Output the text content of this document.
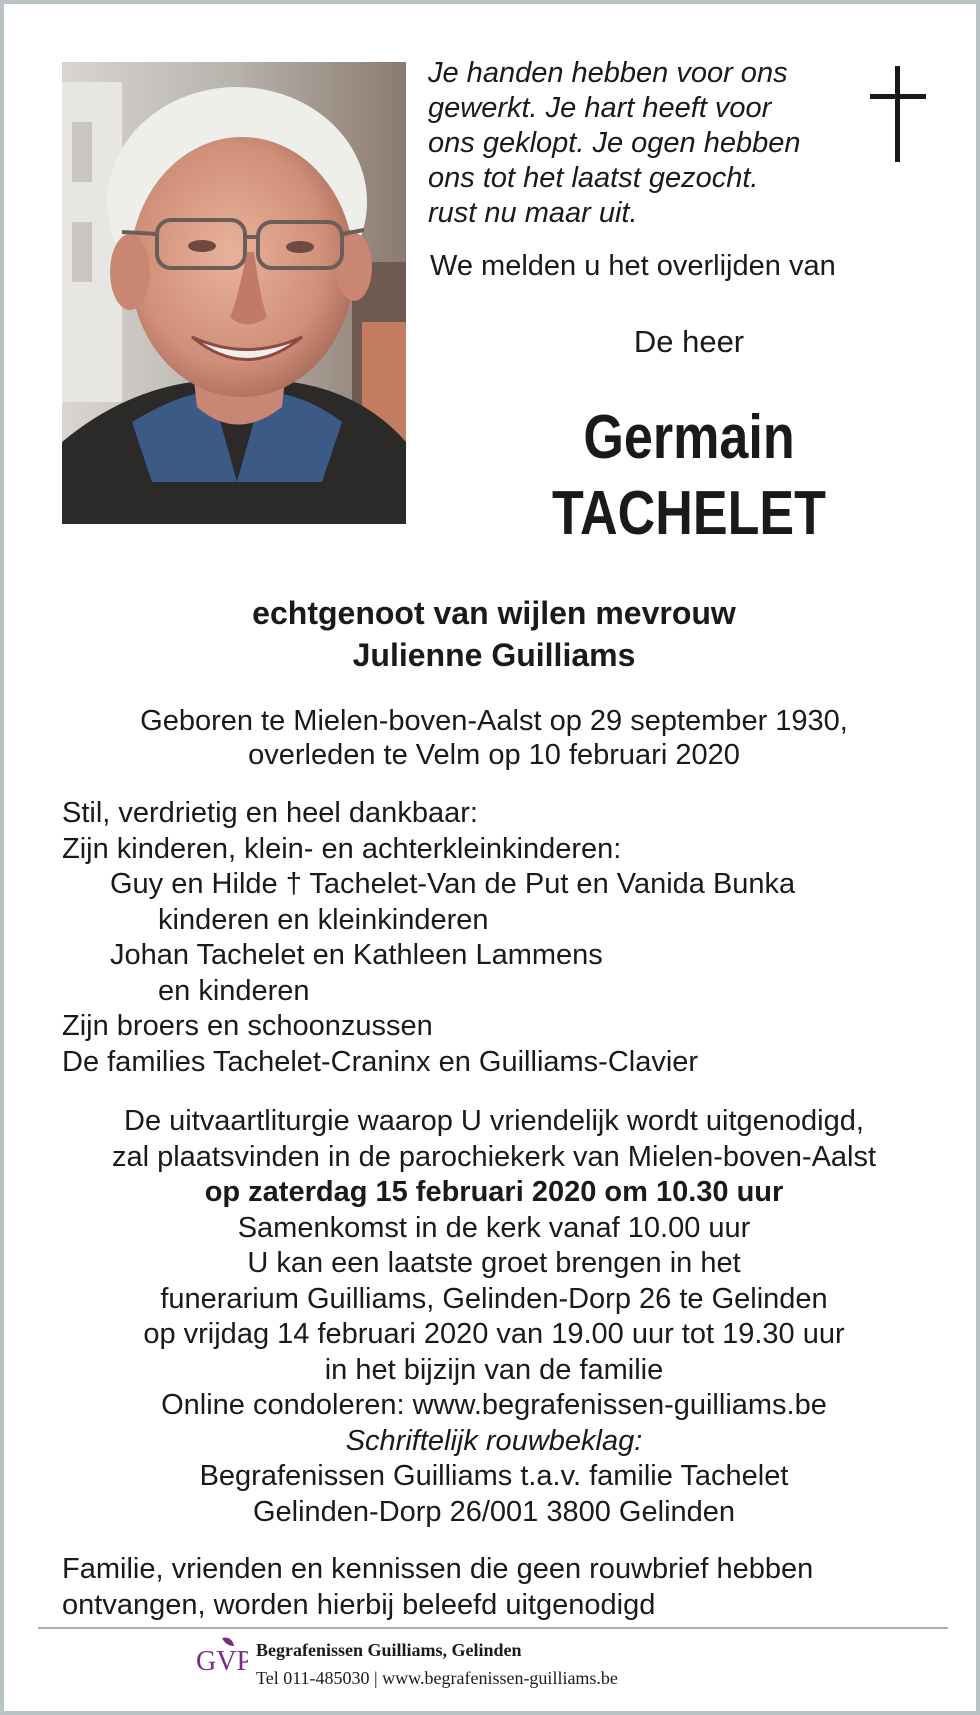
Je handen hebben voor ons
gewerkt. Je hart heeft voor
ons geklopt. Je ogen hebben
ons tot het laatst gezocht.
rust nu maar uit.
We melden u het overlijden van
De heer
Germain
TACHELET
echtgenoot van wijlen mevrouw
Julienne Guilliams
Geboren te Mielen-boven-Aalst op 29 september 1930,
overleden te Velm op 10 februari 2020
Stil, verdrietig en heel dankbaar:
Zijn kinderen, klein- en achterkleinkinderen:
Guy en Hilde † Tachelet-Van de Put en Vanida Bunka
kinderen en kleinkinderen
Johan Tachelet en Kathleen Lammens
en kinderen
Zijn broers en schoonzussen
De families Tachelet-Craninx en Guilliams-Clavier
De uitvaartliturgie waarop U vriendelijk wordt uitgenodigd,
zal plaatsvinden in de parochiekerk van Mielen-boven-Aalst
op zaterdag 15 februari 2020 om 10.30 uur
Samenkomst in de kerk vanaf 10.00 uur
U kan een laatste groet brengen in het
funerarium Guilliams, Gelinden-Dorp 26 te Gelinden
op vrijdag 14 februari 2020 van 19.00 uur tot 19.30 uur
in het bijzijn van de familie
Online condoleren: www.begrafenissen-guilliams.be
Schriftelijk rouwbeklag:
Begrafenissen Guilliams t.a.v. familie Tachelet
Gelinden-Dorp 26/001 3800 Gelinden
Familie, vrienden en kennissen die geen rouwbrief hebben
ontvangen, worden hierbij beleefd uitgenodigd
GVP Begrafenissen Guilliams, Gelinden
Tel 011-485030 | www.begrafenissen-guilliams.be
